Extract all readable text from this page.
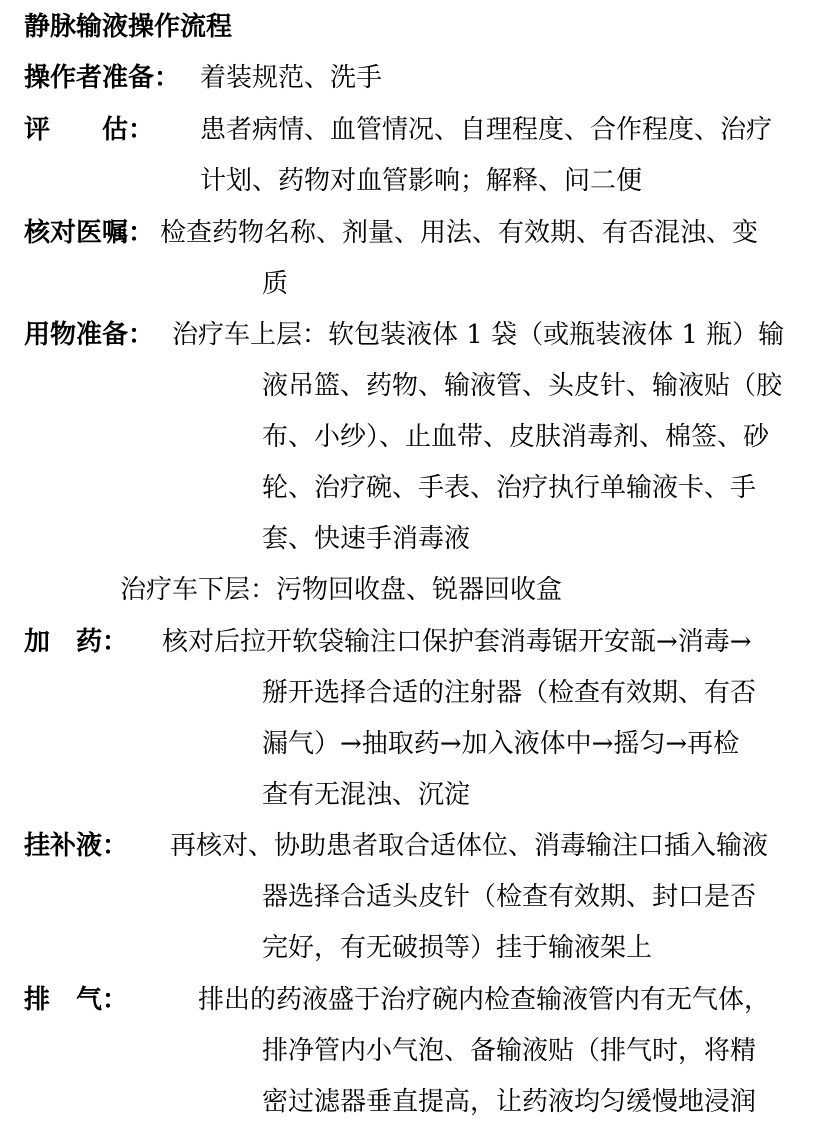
静脉输液操作流程
操作者准备： 着装规范、洗手
评　　估： 患者病情、血管情况、自理程度、合作程度、治疗
计划、药物对血管影响；解释、问二便
核对医嘱： 检查药物名称、剂量、用法、有效期、有否混浊、变
质
用物准备： 治疗车上层：软包装液体 1 袋（或瓶装液体 1 瓶）输
液吊篮、药物、输液管、头皮针、输液贴（胶
布、小纱）、止血带、皮肤消毒剂、棉签、砂
轮、治疗碗、手表、治疗执行单输液卡、手
套、快速手消毒液
治疗车下层：污物回收盘、锐器回收盒
加　药： 核对后拉开软袋输注口保护套消毒锯开安瓿→消毒→
掰开选择合适的注射器（检查有效期、有否
漏气）→抽取药→加入液体中→摇匀→再检
查有无混浊、沉淀
挂补液： 再核对、协助患者取合适体位、消毒输注口插入输液
器选择合适头皮针（检查有效期、封口是否
完好，有无破损等）挂于输液架上
排　气：	排出的药液盛于治疗碗内检查输液管内有无气体，
排净管内小气泡、备输液贴（排气时，将精
密过滤器垂直提高，让药液均匀缓慢地浸润
